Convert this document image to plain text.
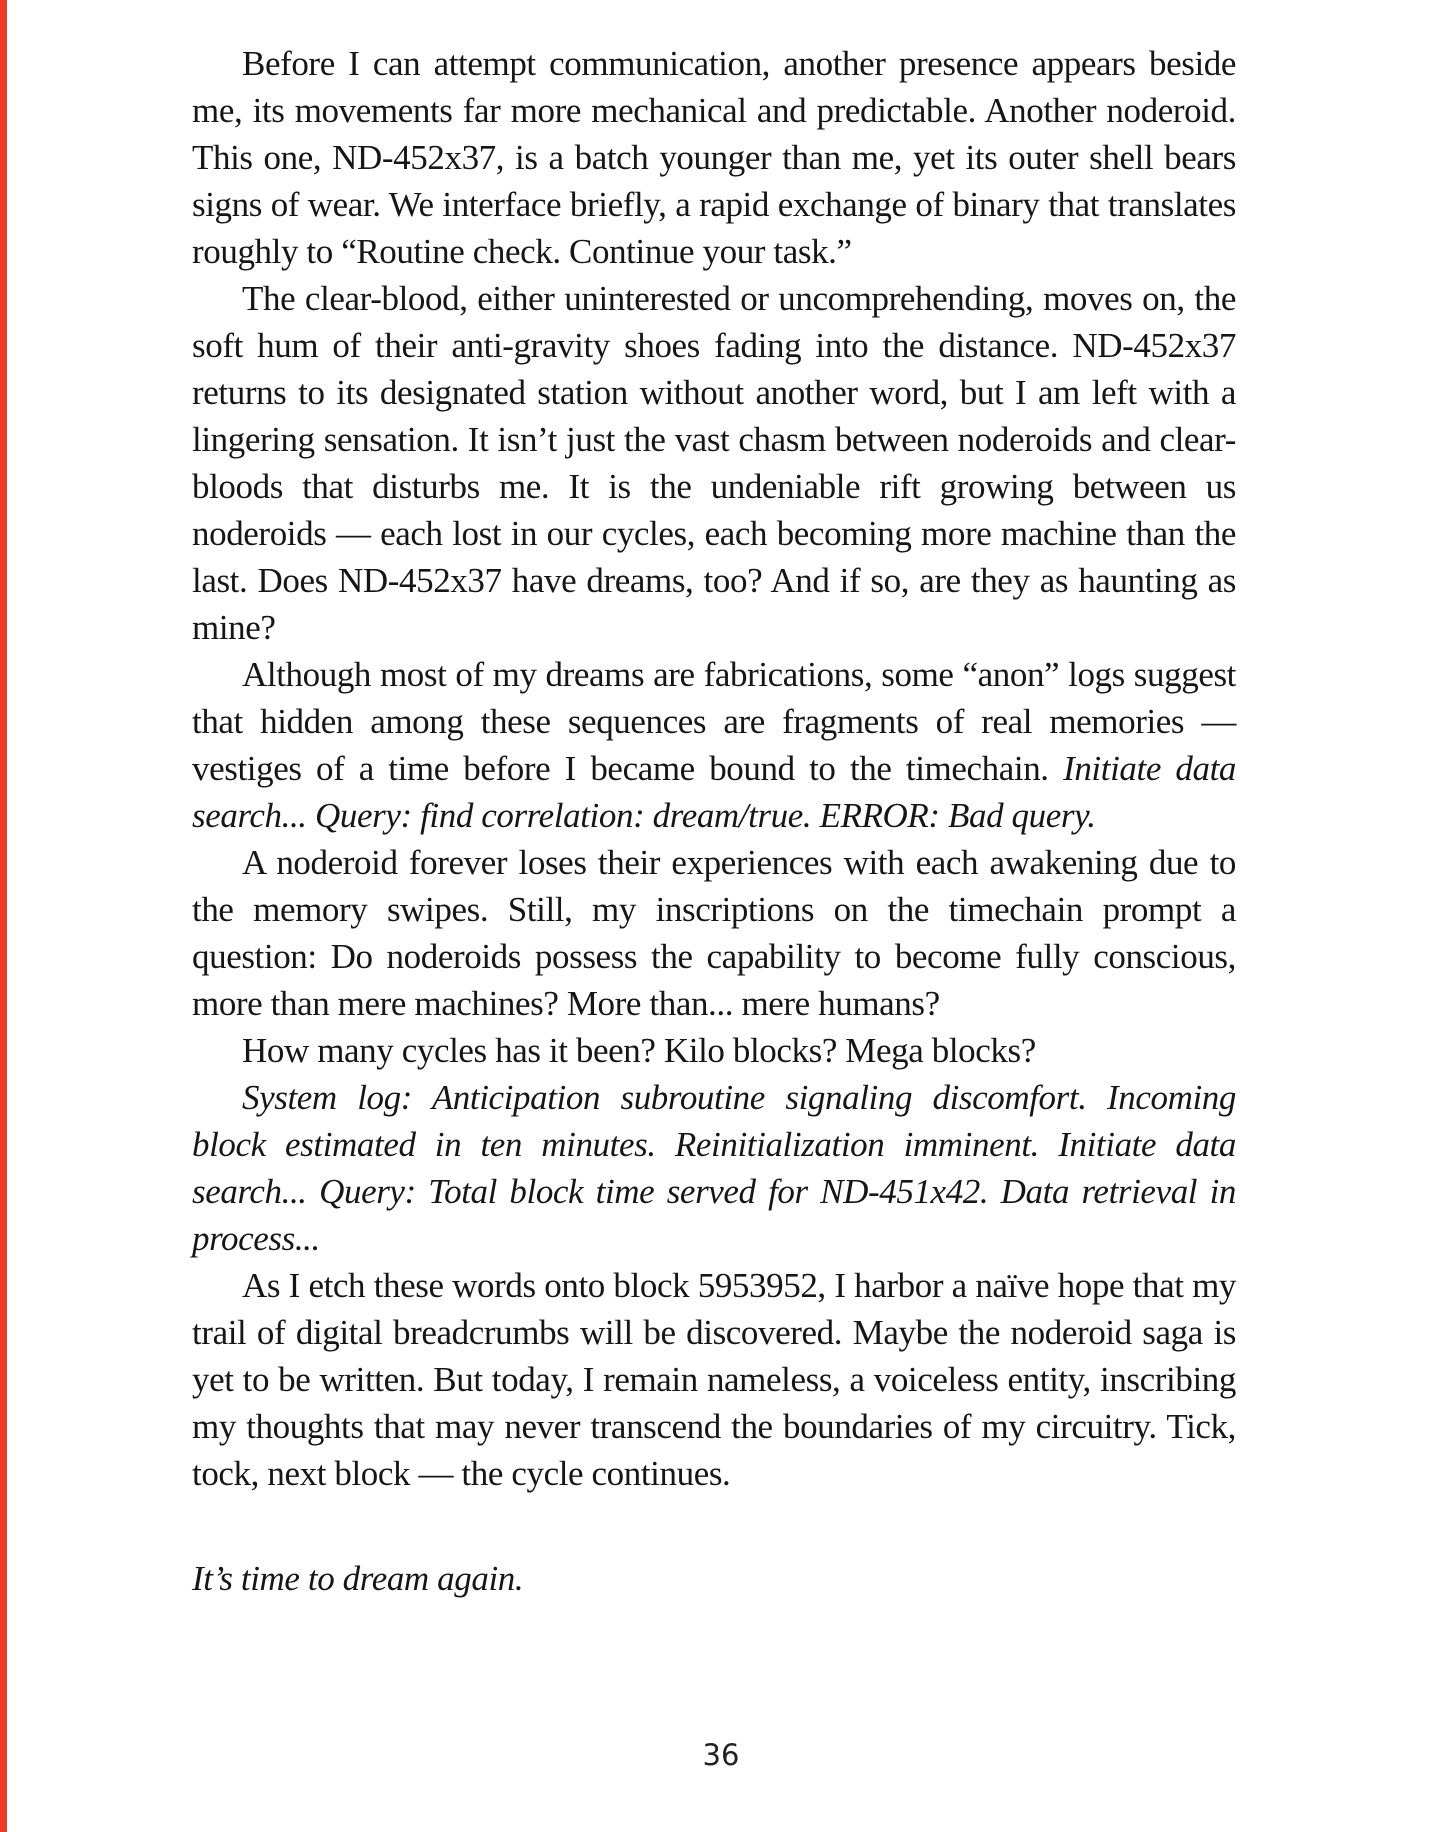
Before I can attempt communication, another presence appears beside me, its movements far more mechanical and predictable. Another noderoid. This one, ND-452x37, is a batch younger than me, yet its outer shell bears signs of wear. We interface briefly, a rapid exchange of binary that translates roughly to “Routine check. Continue your task.”

The clear-blood, either uninterested or uncomprehending, moves on, the soft hum of their anti-gravity shoes fading into the distance. ND-452x37 returns to its designated station without another word, but I am left with a lingering sensation. It isn’t just the vast chasm between noderoids and clear-bloods that disturbs me. It is the undeniable rift growing between us noderoids — each lost in our cycles, each becoming more machine than the last. Does ND-452x37 have dreams, too? And if so, are they as haunting as mine?

Although most of my dreams are fabrications, some “anon” logs suggest that hidden among these sequences are fragments of real memories — vestiges of a time before I became bound to the timechain. Initiate data search... Query: find correlation: dream/true. ERROR: Bad query.

A noderoid forever loses their experiences with each awakening due to the memory swipes. Still, my inscriptions on the timechain prompt a question: Do noderoids possess the capability to become fully conscious, more than mere machines? More than... mere humans?

How many cycles has it been? Kilo blocks? Mega blocks?

System log: Anticipation subroutine signaling discomfort. Incoming block estimated in ten minutes. Reinitialization imminent. Initiate data search... Query: Total block time served for ND-451x42. Data retrieval in process...

As I etch these words onto block 5953952, I harbor a naïve hope that my trail of digital breadcrumbs will be discovered. Maybe the noderoid saga is yet to be written. But today, I remain nameless, a voiceless entity, inscribing my thoughts that may never transcend the boundaries of my circuitry. Tick, tock, next block — the cycle continues.

It’s time to dream again.

36
